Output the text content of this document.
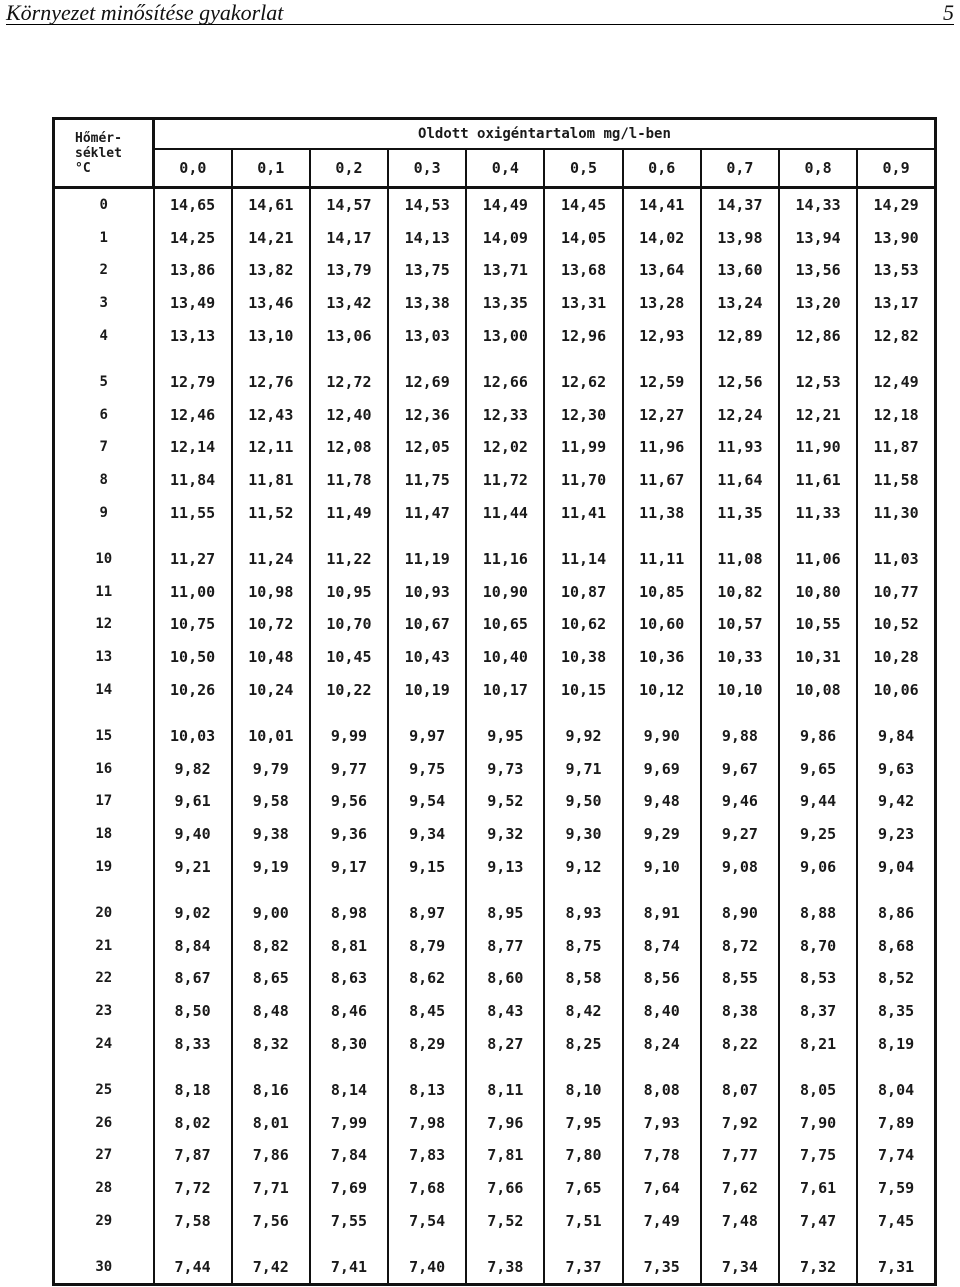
Környezet minősítése gyakorlat	5
Hőmér-
séklet
°C	Oldott oxigéntartalom mg/l-ben									
	0,0	0,1	0,2	0,3	0,4	0,5	0,6	0,7	0,8	0,9
0	14,65	14,61	14,57	14,53	14,49	14,45	14,41	14,37	14,33	14,29
1	14,25	14,21	14,17	14,13	14,09	14,05	14,02	13,98	13,94	13,90
2	13,86	13,82	13,79	13,75	13,71	13,68	13,64	13,60	13,56	13,53
3	13,49	13,46	13,42	13,38	13,35	13,31	13,28	13,24	13,20	13,17
4	13,13	13,10	13,06	13,03	13,00	12,96	12,93	12,89	12,86	12,82
5	12,79	12,76	12,72	12,69	12,66	12,62	12,59	12,56	12,53	12,49
6	12,46	12,43	12,40	12,36	12,33	12,30	12,27	12,24	12,21	12,18
7	12,14	12,11	12,08	12,05	12,02	11,99	11,96	11,93	11,90	11,87
8	11,84	11,81	11,78	11,75	11,72	11,70	11,67	11,64	11,61	11,58
9	11,55	11,52	11,49	11,47	11,44	11,41	11,38	11,35	11,33	11,30
10	11,27	11,24	11,22	11,19	11,16	11,14	11,11	11,08	11,06	11,03
11	11,00	10,98	10,95	10,93	10,90	10,87	10,85	10,82	10,80	10,77
12	10,75	10,72	10,70	10,67	10,65	10,62	10,60	10,57	10,55	10,52
13	10,50	10,48	10,45	10,43	10,40	10,38	10,36	10,33	10,31	10,28
14	10,26	10,24	10,22	10,19	10,17	10,15	10,12	10,10	10,08	10,06
15	10,03	10,01	9,99	9,97	9,95	9,92	9,90	9,88	9,86	9,84
16	9,82	9,79	9,77	9,75	9,73	9,71	9,69	9,67	9,65	9,63
17	9,61	9,58	9,56	9,54	9,52	9,50	9,48	9,46	9,44	9,42
18	9,40	9,38	9,36	9,34	9,32	9,30	9,29	9,27	9,25	9,23
19	9,21	9,19	9,17	9,15	9,13	9,12	9,10	9,08	9,06	9,04
20	9,02	9,00	8,98	8,97	8,95	8,93	8,91	8,90	8,88	8,86
21	8,84	8,82	8,81	8,79	8,77	8,75	8,74	8,72	8,70	8,68
22	8,67	8,65	8,63	8,62	8,60	8,58	8,56	8,55	8,53	8,52
23	8,50	8,48	8,46	8,45	8,43	8,42	8,40	8,38	8,37	8,35
24	8,33	8,32	8,30	8,29	8,27	8,25	8,24	8,22	8,21	8,19
25	8,18	8,16	8,14	8,13	8,11	8,10	8,08	8,07	8,05	8,04
26	8,02	8,01	7,99	7,98	7,96	7,95	7,93	7,92	7,90	7,89
27	7,87	7,86	7,84	7,83	7,81	7,80	7,78	7,77	7,75	7,74
28	7,72	7,71	7,69	7,68	7,66	7,65	7,64	7,62	7,61	7,59
29	7,58	7,56	7,55	7,54	7,52	7,51	7,49	7,48	7,47	7,45
30	7,44	7,42	7,41	7,40	7,38	7,37	7,35	7,34	7,32	7,31
